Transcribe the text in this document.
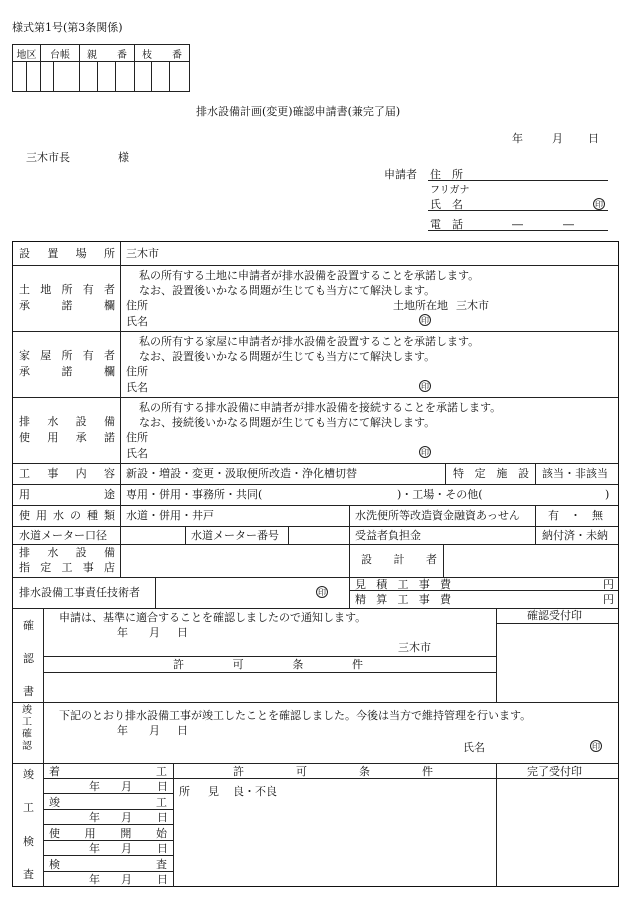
様式第1号(第3条関係)
地区	台帳	親　　番	枝　　番

排水設備計画(変更)確認申請書(兼完了届)
年	月 日
三木市長	様
申請者 住　所
フリガナ
氏　名	印
電　話	―	―
設 置 場 所 三木市
土 地 所 有 者
承	諾	欄
私の所有する土地に申請者が排水設備を設置することを承諾します。
なお、設置後いかなる問題が生じても当方にて解決します。
住所	土地所在地 三木市
氏名	印
家 屋 所 有 者
承	諾	欄
私の所有する家屋に申請者が排水設備を設置することを承諾します。
なお、設置後いかなる問題が生じても当方にて解決します。
住所
氏名	印
排 水 設 備
使 用 承 諾
私の所有する排水設備に申請者が排水設備を接続することを承諾します。
なお、接続後いかなる問題が生じても当方にて解決します。
住所
氏名	印
工 事 内 容 新設・増設・変更・汲取便所改造・浄化槽切替	特 定 施 設 該当・非該当
用	途 専用・併用・事務所・共同(	)・工場・その他(	)
使 用 水 の 種 類 水道・併用・井戸	水洗便所等改造資金融資あっせん	有　・　無
水道メーター口径	水道メーター番号	受益者負担金	納付済・未納
排 水 設 備
指 定 工 事 店
設 計 者
排水設備工事責任技術者	印
見 積 工 事 費	円
精 算 工 事 費	円
確
認
書
申請は、基準に適合することを確認しましたので通知します。
年 月 日
三木市
許	可	条	件
確認受付印
竣
工
確
認
下記のとおり排水設備工事が竣工したことを確認しました。今後は当方で維持管理を行います。
年 月 日
氏名	印
竣
工
検
査
着	工
年 月 日
竣	工
年 月 日
使 用 開 始
年 月 日
検	査
年 月 日
許	可	条	件
所 見 良・不良
完了受付印
